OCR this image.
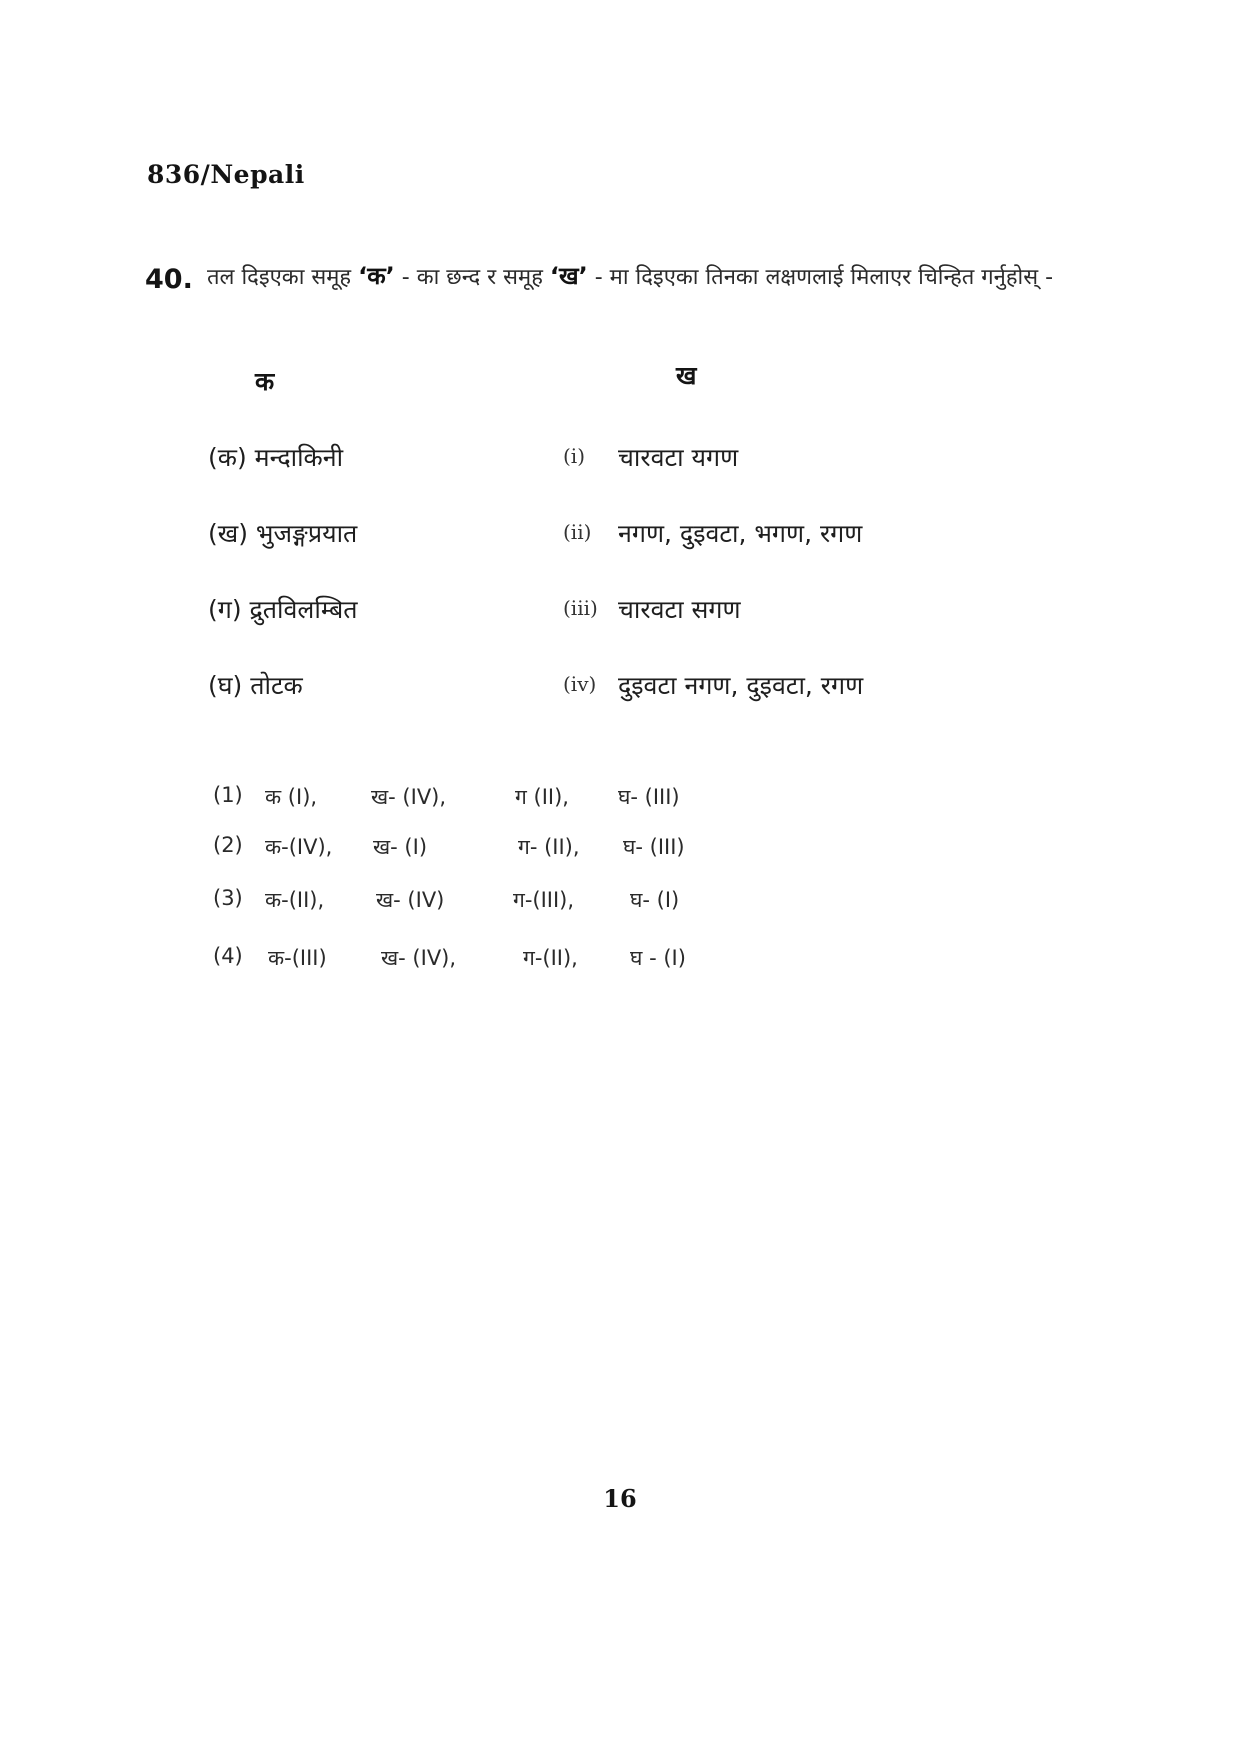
836/Nepali
40. तल दिइएका समूह ‘क’ - का छन्द र समूह ‘ख’ - मा दिइएका तिनका लक्षणलाई मिलाएर चिन्हित गर्नुहोस् -
क	ख
(क) मन्दाकिनी	(i) चारवटा यगण
(ख) भुजङ्गप्रयात	(ii) नगण, दुइवटा, भगण, रगण
(ग) द्रुतविलम्बित	(iii) चारवटा सगण
(घ) तोटक	(iv) दुइवटा नगण, दुइवटा, रगण
(1) क (I),	ख- (IV),	ग (II), घ- (III)
(2) क-(IV), ख- (I)	ग- (II), घ- (III)
(3) क-(II), ख- (IV)	ग-(III),	घ- (I)
(4) क-(III)	ख- (IV),	ग-(II), घ - (I)
16
